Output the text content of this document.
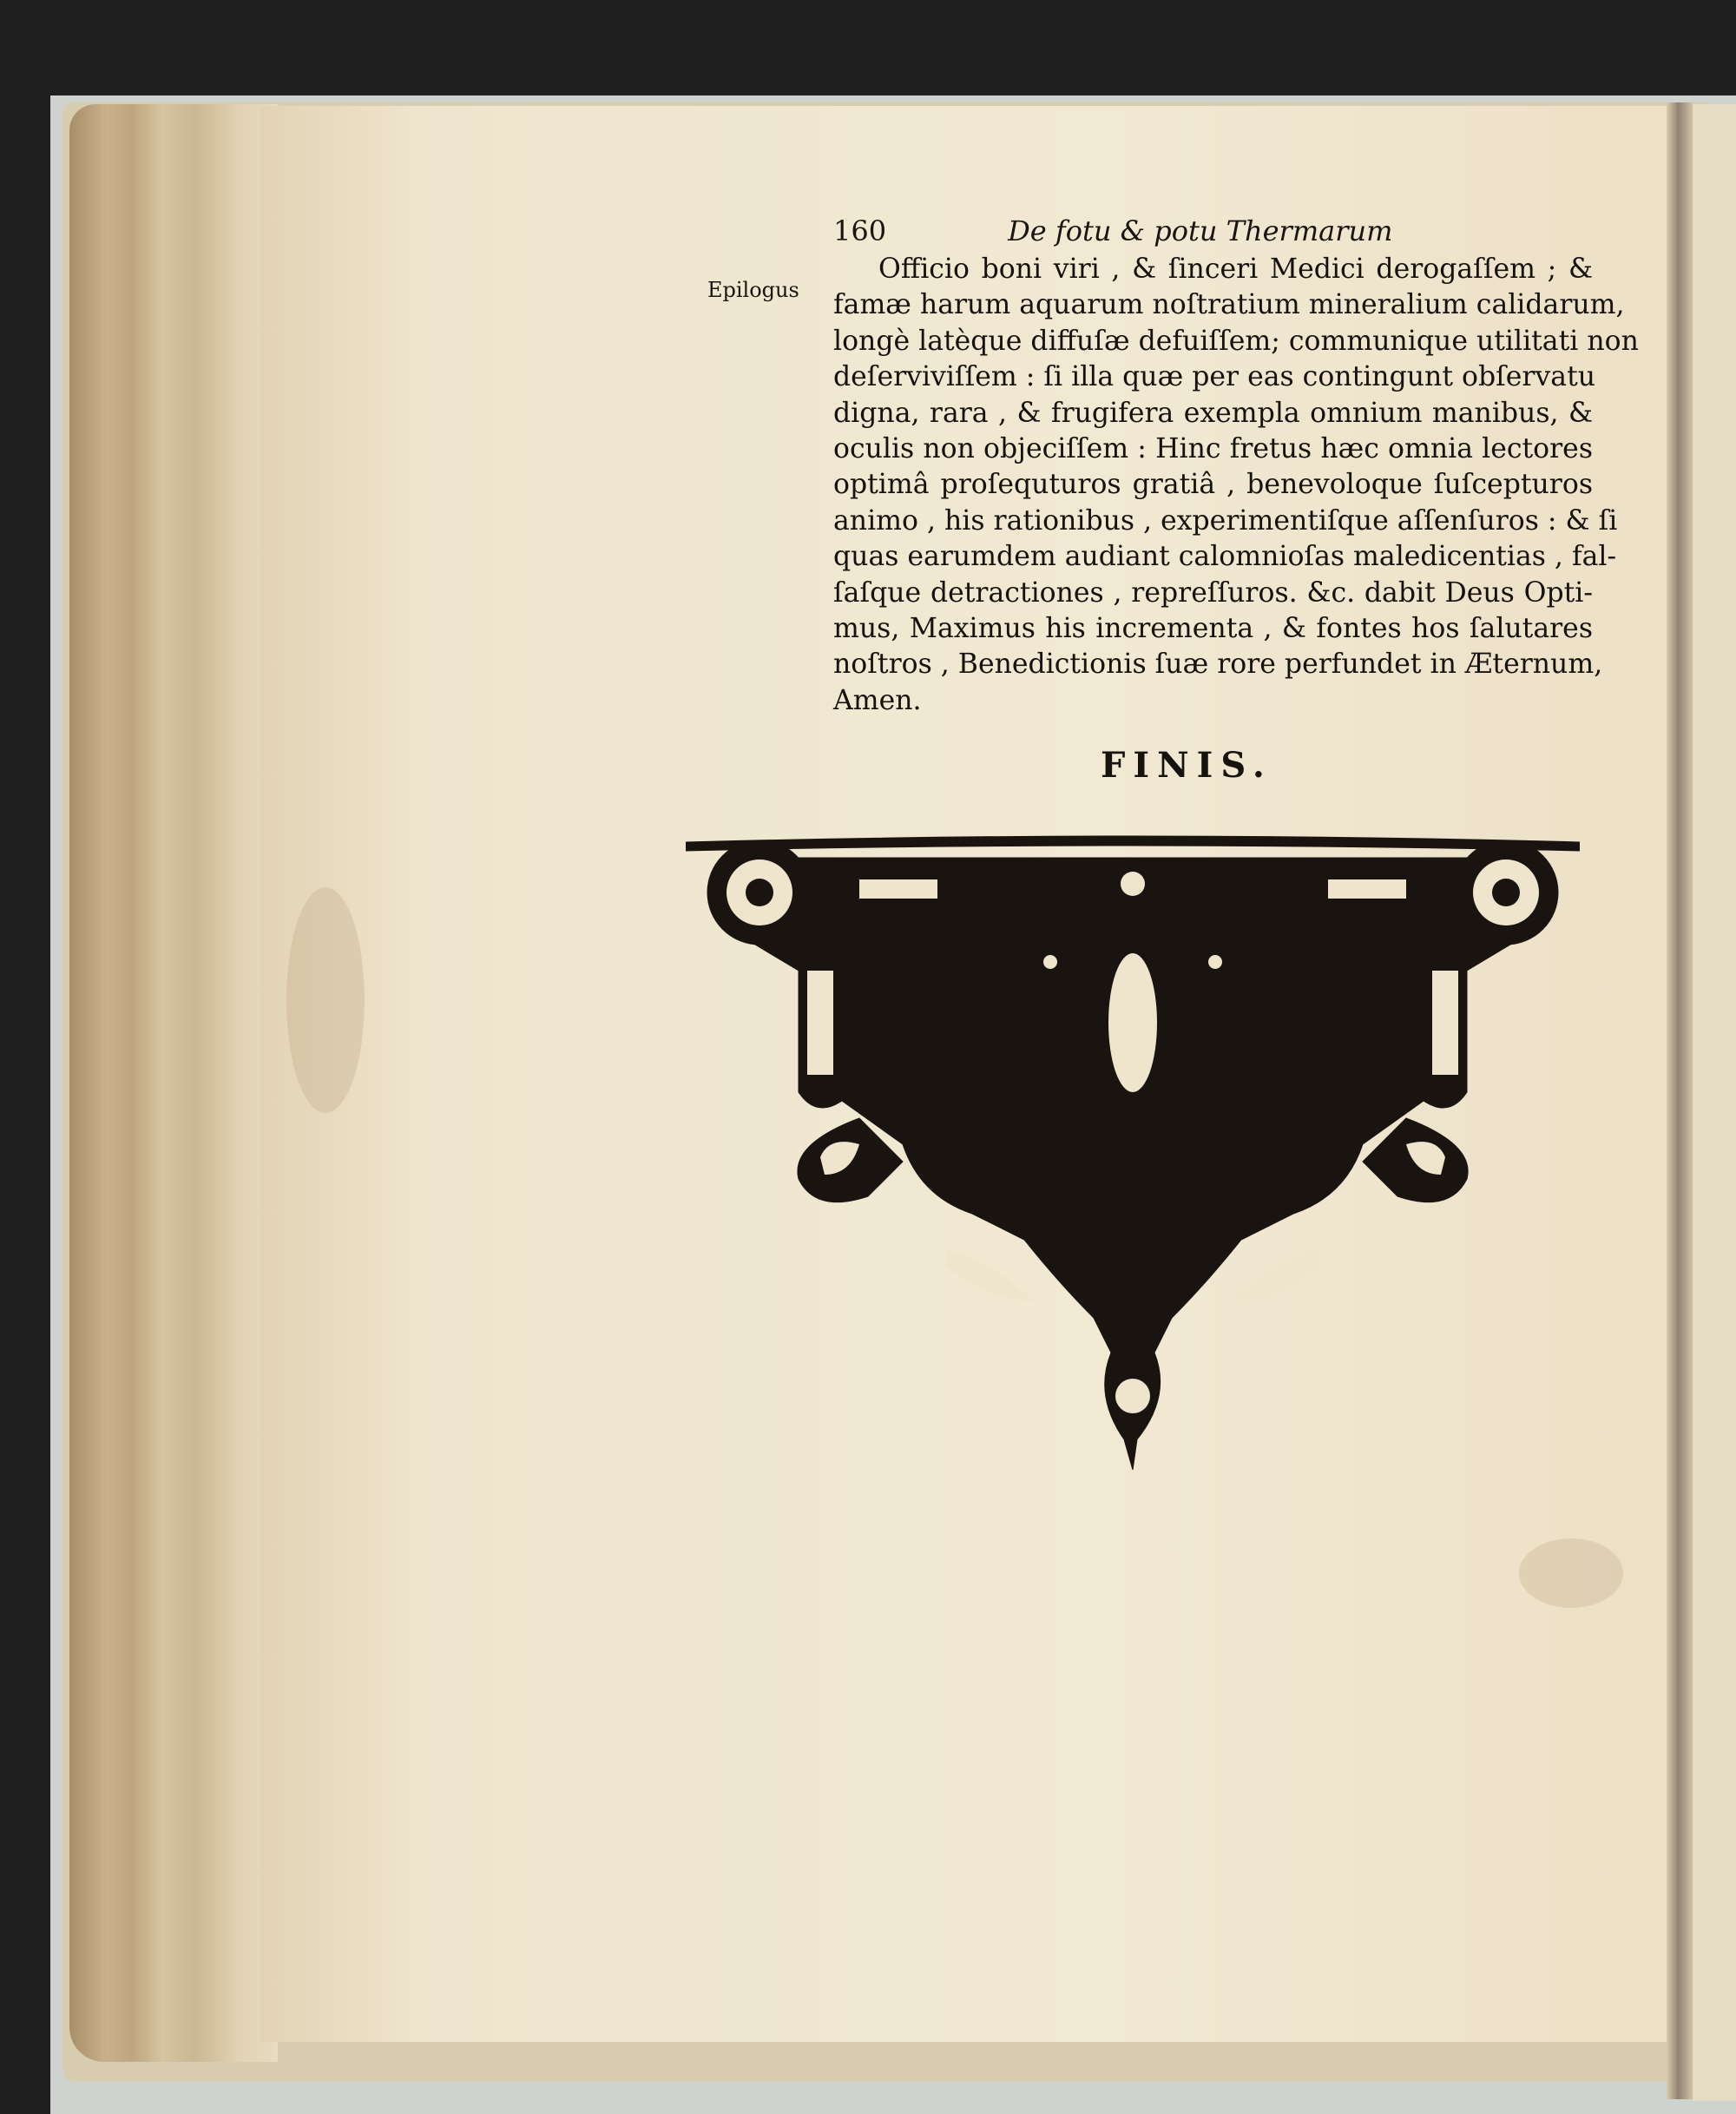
160	De fotu & potu Thermarum
Epilogus
Officio boni viri , & ſinceri Medici derogaſſem ; &
famæ harum aquarum noſtratium mineralium calidarum,
longè latèque diffuſæ defuiſſem; communique utilitati non
deſerviviſſem : ſi illa quæ per eas contingunt obſervatu
digna, rara , & frugifera exempla omnium manibus, &
oculis non objeciſſem : Hinc fretus hæc omnia lectores
optimâ proſequturos gratiâ , benevoloque ſuſcepturos
animo , his rationibus , experimentiſque aſſenſuros : & ſi
quas earumdem audiant calomnioſas maledicentias , fal-
ſaſque detractiones , repreſſuros. &c. dabit Deus Opti-
mus, Maximus his incrementa , & fontes hos ſalutares
noſtros , Benedictionis ſuæ rore perfundet in Æternum,
Amen.
FINIS.
